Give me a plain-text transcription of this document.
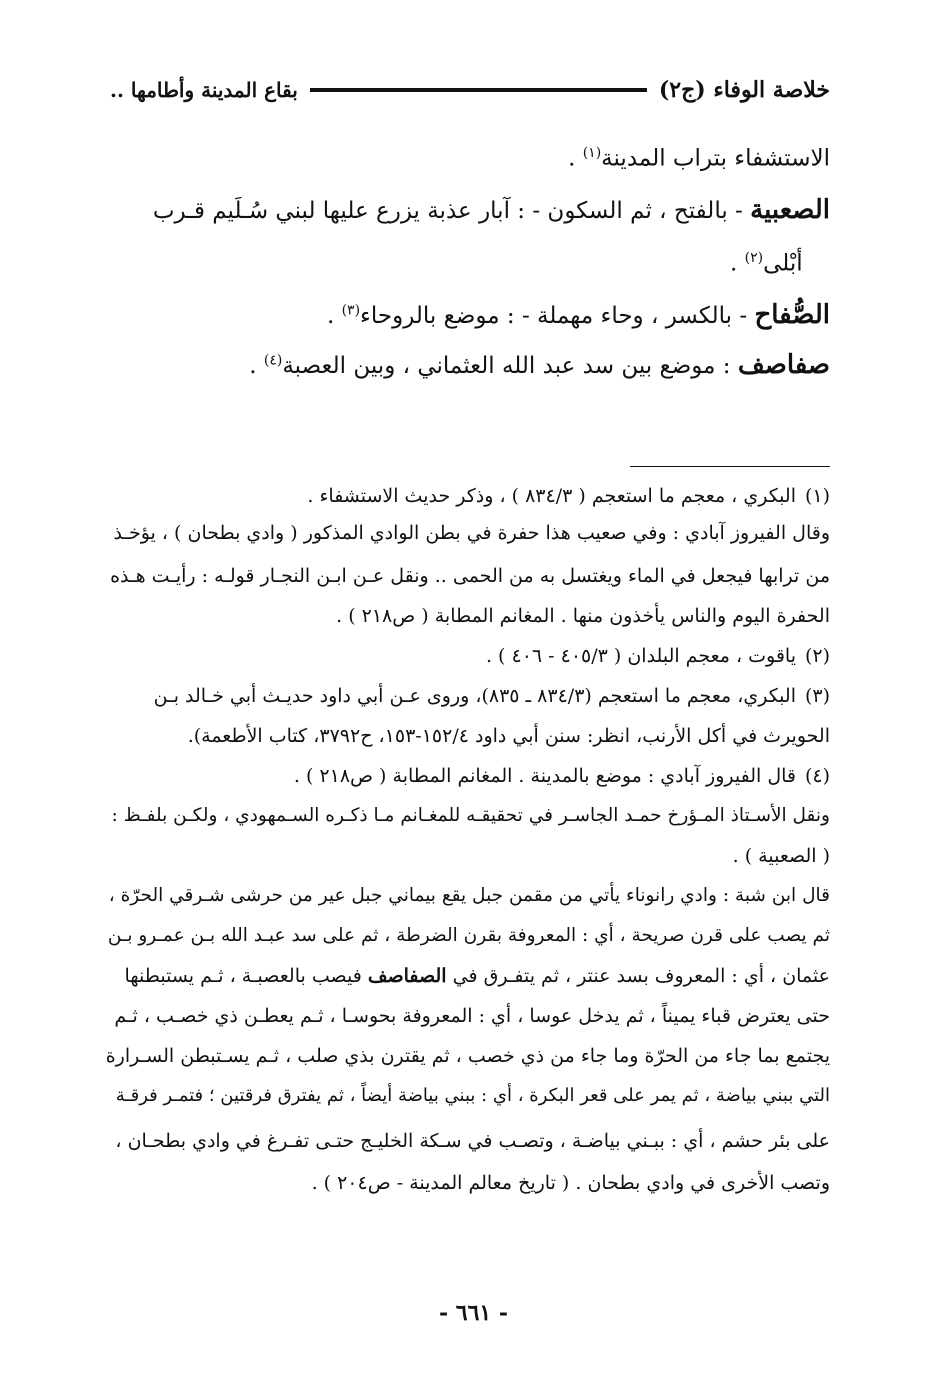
خلاصة الوفاء (ج٢)
بقاع المدينة وأطامها ..

الاستشفاء بتراب المدينة$^{(١)}$ .

الصعبية - بالفتح ، ثم السكون - : آبار عذبة يزرع عليها لبني سُـلَيم قـرب

أبْلى$^{(٢)}$ .

الصُّفاح - بالكسر ، وحاء مهملة - : موضع بالروحاء$^{(٣)}$ .

صفاصف : موضع بين سد عبد الله العثماني ، وبين العصبة$^{(٤)}$ .

(١)البكري ، معجم ما استعجم ( ٨٣٤/٣ ) ، وذكر حديث الاستشفاء .

وقال الفيروز آبادي : وفي صعيب هذا حفرة في بطن الوادي المذكور ( وادي بطحان ) ، يؤخـذ

من ترابها فيجعل في الماء ويغتسل به من الحمى .. ونقل عـن ابـن النجـار قولـه : رأيـت هـذه

الحفرة اليوم والناس يأخذون منها . المغانم المطابة ( ص٢١٨ ) .

(٢)ياقوت ، معجم البلدان ( ٤٠٥/٣ - ٤٠٦ ) .

(٣)البكري، معجم ما استعجم (٨٣٤/٣ ـ ٨٣٥)، وروى عـن أبي داود حديـث أبي خـالد بـن

الحويرث في أكل الأرنب، انظر: سنن أبي داود ١٥٢/٤-١٥٣، ح٣٧٩٢، كتاب الأطعمة).

(٤)قال الفيروز آبادي : موضع بالمدينة . المغانم المطابة ( ص٢١٨ ) .

ونقل الأسـتاذ المـؤرخ حمـد الجاسـر في تحقيقـه للمغـانم مـا ذكـره السـمهودي ، ولكـن بلفـظ :

( الصعبية ) .

قال ابن شبة : وادي رانوناء يأتي من مقمن جبل يقع بيماني جبل عير من حرشى شـرقي الحرّة ،

ثم يصب على قرن صريحة ، أي : المعروفة بقرن الضرطة ، ثم على سد عبـد الله بـن عمـرو بـن

عثمان ، أي : المعروف بسد عنتر ، ثم يتفـرق في الصفاصف فيصب بالعصبـة ، ثـم يستبطنها

حتى يعترض قباء يميناً ، ثم يدخل عوسا ، أي : المعروفة بحوسـا ، ثـم يعطـن ذي خصـب ، ثـم

يجتمع بما جاء من الحرّة وما جاء من ذي خصب ، ثم يقترن بذي صلب ، ثـم يسـتبطن السـرارة

التي ببني بياضة ، ثم يمر على قعر البكرة ، أي : ببني بياضة أيضاً ، ثم يفترق فرقتين ؛ فتمـر فرقـة

على بئر حشم ، أي : ببـني بياضـة ، وتصـب في سـكة الخليـج حتـى تفـرغ في وادي بطحـان ،

وتصب الأخرى في وادي بطحان . ( تاريخ معالم المدينة - ص٢٠٤ ) .

- ٦٦١ -
